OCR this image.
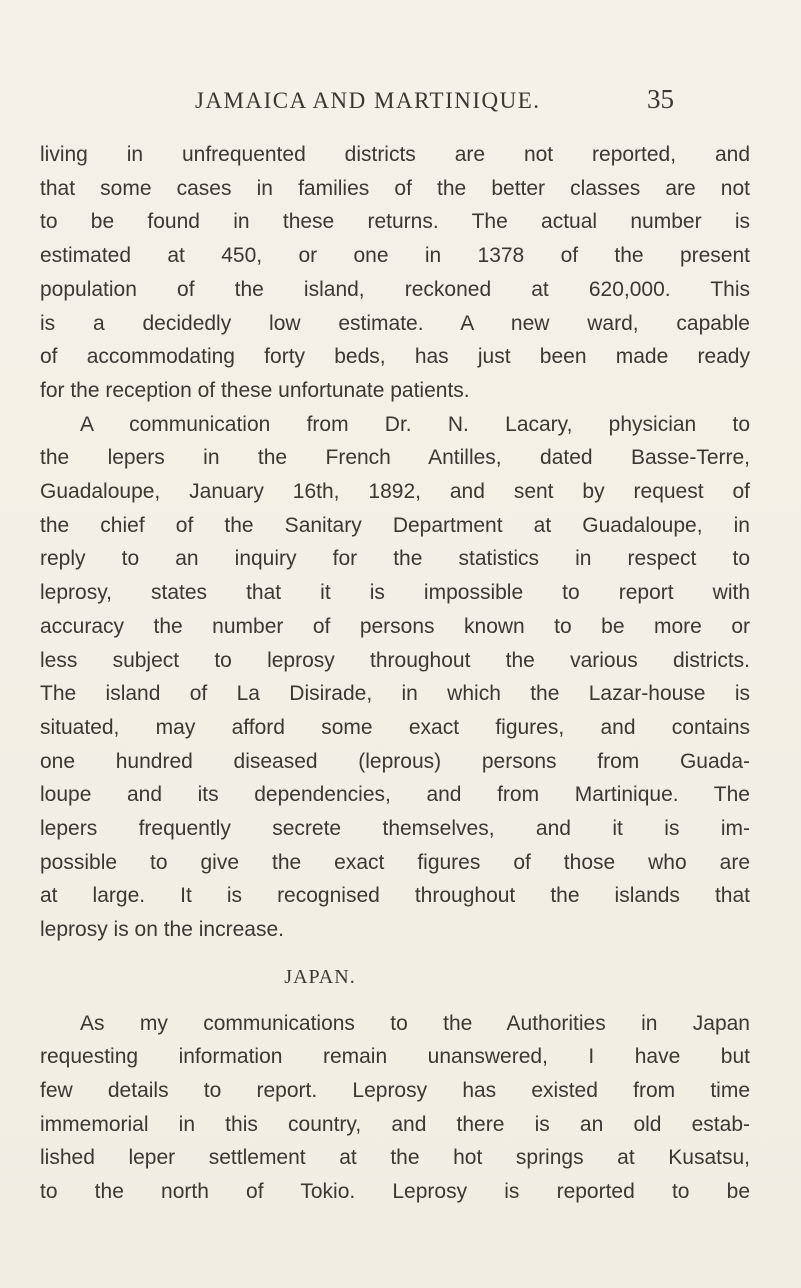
JAMAICA AND MARTINIQUE.	35

living in unfrequented districts are not reported, and
that some cases in families of the better classes are not
to be found in these returns. The actual number is
estimated at 450, or one in 1378 of the present
population of the island, reckoned at 620,000. This
is a decidedly low estimate. A new ward, capable
of accommodating forty beds, has just been made ready
for the reception of these unfortunate patients.

A communication from Dr. N. Lacary, physician to
the lepers in the French Antilles, dated Basse-Terre,
Guadaloupe, January 16th, 1892, and sent by request of
the chief of the Sanitary Department at Guadaloupe, in
reply to an inquiry for the statistics in respect to
leprosy, states that it is impossible to report with
accuracy the number of persons known to be more or
less subject to leprosy throughout the various districts.
The island of La Disirade, in which the Lazar-house is
situated, may afford some exact figures, and contains
one hundred diseased (leprous) persons from Guada-
loupe and its dependencies, and from Martinique. The
lepers frequently secrete themselves, and it is im-
possible to give the exact figures of those who are
at large. It is recognised throughout the islands that
leprosy is on the increase.

JAPAN.

As my communications to the Authorities in Japan
requesting information remain unanswered, I have but
few details to report. Leprosy has existed from time
immemorial in this country, and there is an old estab-
lished leper settlement at the hot springs at Kusatsu,
to the north of Tokio. Leprosy is reported to be
